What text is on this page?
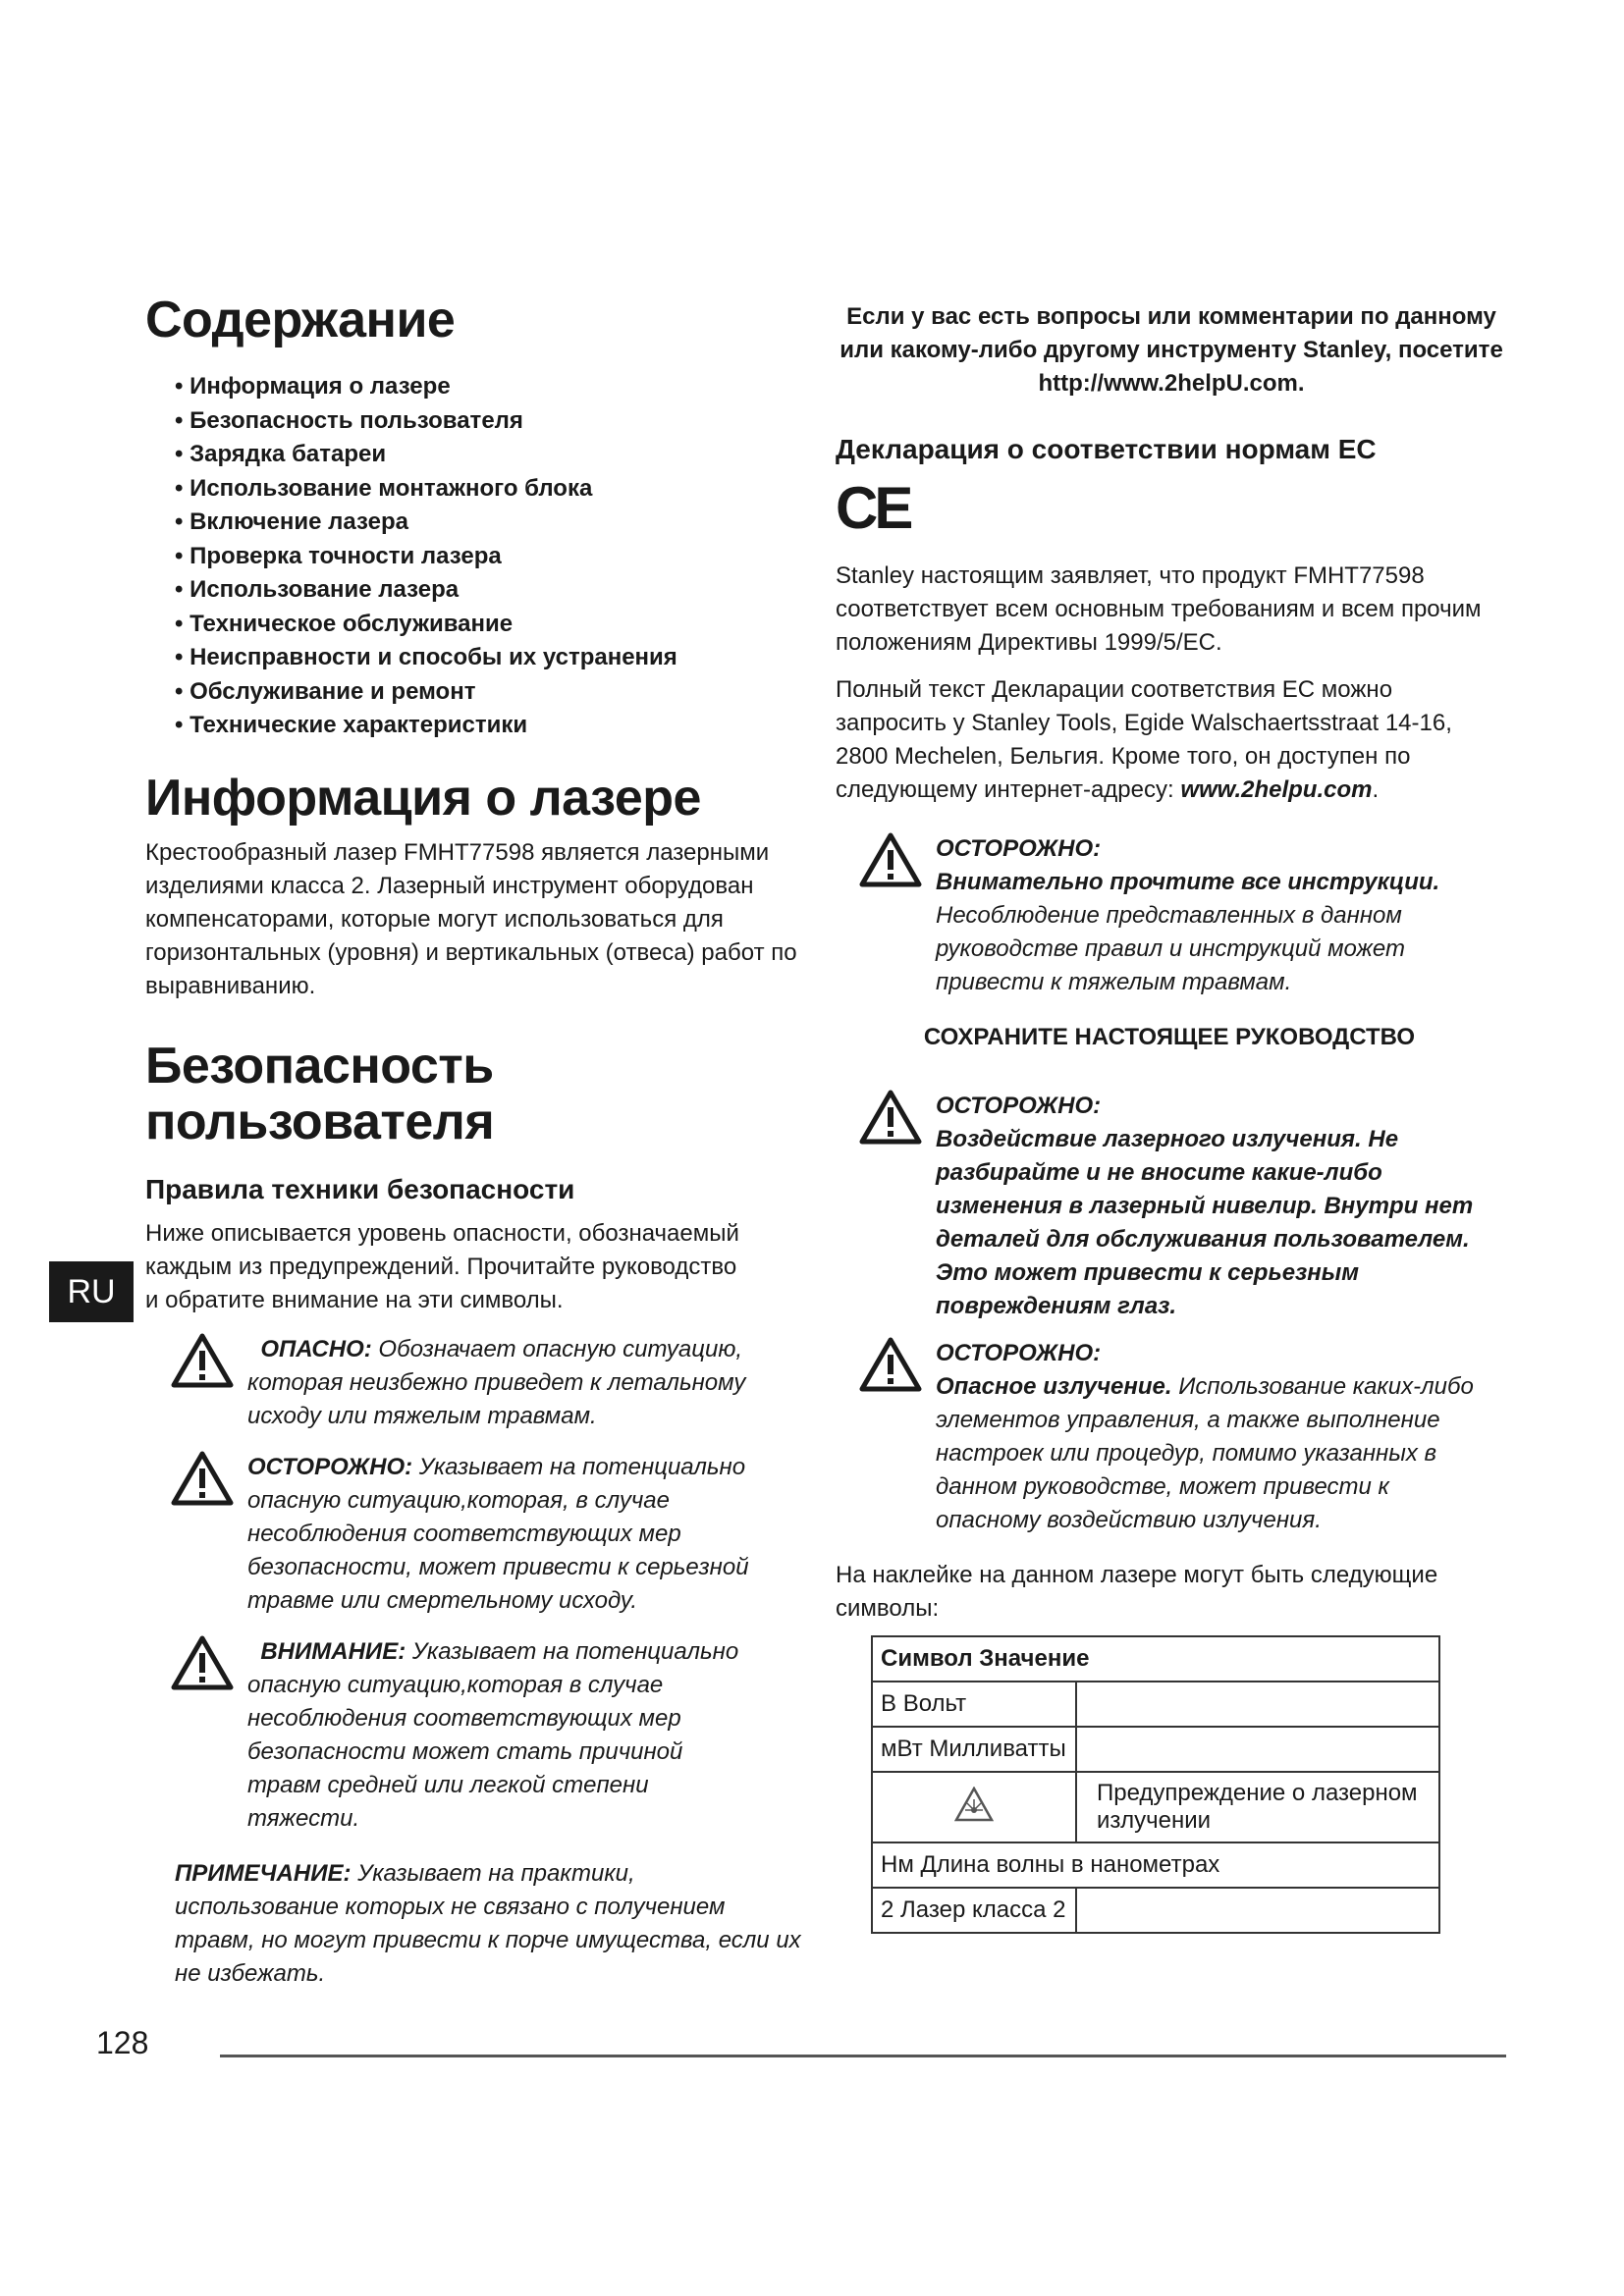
Содержание
• Информация о лазере
• Безопасность пользователя
• Зарядка батареи
• Использование монтажного блока
• Включение лазера
• Проверка точности лазера
• Использование лазера
• Техническое обслуживание
• Неисправности и способы их устранения
• Обслуживание и ремонт
• Технические характеристики
Информация о лазере

Крестообразный лазер FMHT77598 является лазерными изделиями класса 2. Лазерный инструмент оборудован компенсаторами, которые могут использоваться для горизонтальных (уровня) и вертикальных (отвеса) работ по выравниванию.

Безопасность пользователя
Правила техники безопасности

Ниже описывается уровень опасности, обозначаемый каждым из предупреждений. Прочитайте руководство и обратите внимание на эти символы.

ОПАСНО: Обозначает опасную ситуацию, которая неизбежно приведет к летальному исходу или тяжелым травмам.
ОСТОРОЖНО: Указывает на потенциально опасную ситуацию,которая, в случае несоблюдения соответствующих мер безопасности, может привести к серьезной травме или смертельному исходу.
ВНИМАНИЕ: Указывает на потенциально опасную ситуацию,которая в случае несоблюдения соответствующих мер безопасности может стать причиной травм средней или легкой степени тяжести.
ПРИМЕЧАНИЕ: Указывает на практики, использование которых не связано с получением травм, но могут привести к порче имущества, если их не избежать.

Если у вас есть вопросы или комментарии по данному или какому-либо другому инструменту Stanley, посетите http://www.2helpU.com.

Декларация о соответствии нормам ЕС
CE

Stanley настоящим заявляет, что продукт FMHT77598 соответствует всем основным требованиям и всем прочим положениям Директивы 1999/5/EC.

Полный текст Декларации соответствия ЕС можно запросить у Stanley Tools, Egide Walschaertsstraat 14-16, 2800 Mechelen, Бельгия. Кроме того, он доступен по следующему интернет-адресу: www.2helpu.com.

ОСТОРОЖНО:
Внимательно прочтите все инструкции.
Несоблюдение представленных в данном руководстве правил и инструкций может привести к тяжелым травмам.

СОХРАНИТЕ НАСТОЯЩЕЕ РУКОВОДСТВО

ОСТОРОЖНО:
Воздействие лазерного излучения. Не разбирайте и не вносите какие-либо изменения в лазерный нивелир. Внутри нет деталей для обслуживания пользователем. Это может привести к серьезным повреждениям глаз.
ОСТОРОЖНО:
Опасное излучение. Использование каких-либо элементов управления, а также выполнение настроек или процедур, помимо указанных в данном руководстве, может привести к опасному воздействию излучения.

На наклейке на данном лазере могут быть следующие символы:

Символ Значение	
В Вольт	
мВт Милливатты	
	Предупреждение о лазерном излучении
Нм Длина волны в нанометрах	
2 Лазер класса 2	
RU
128
